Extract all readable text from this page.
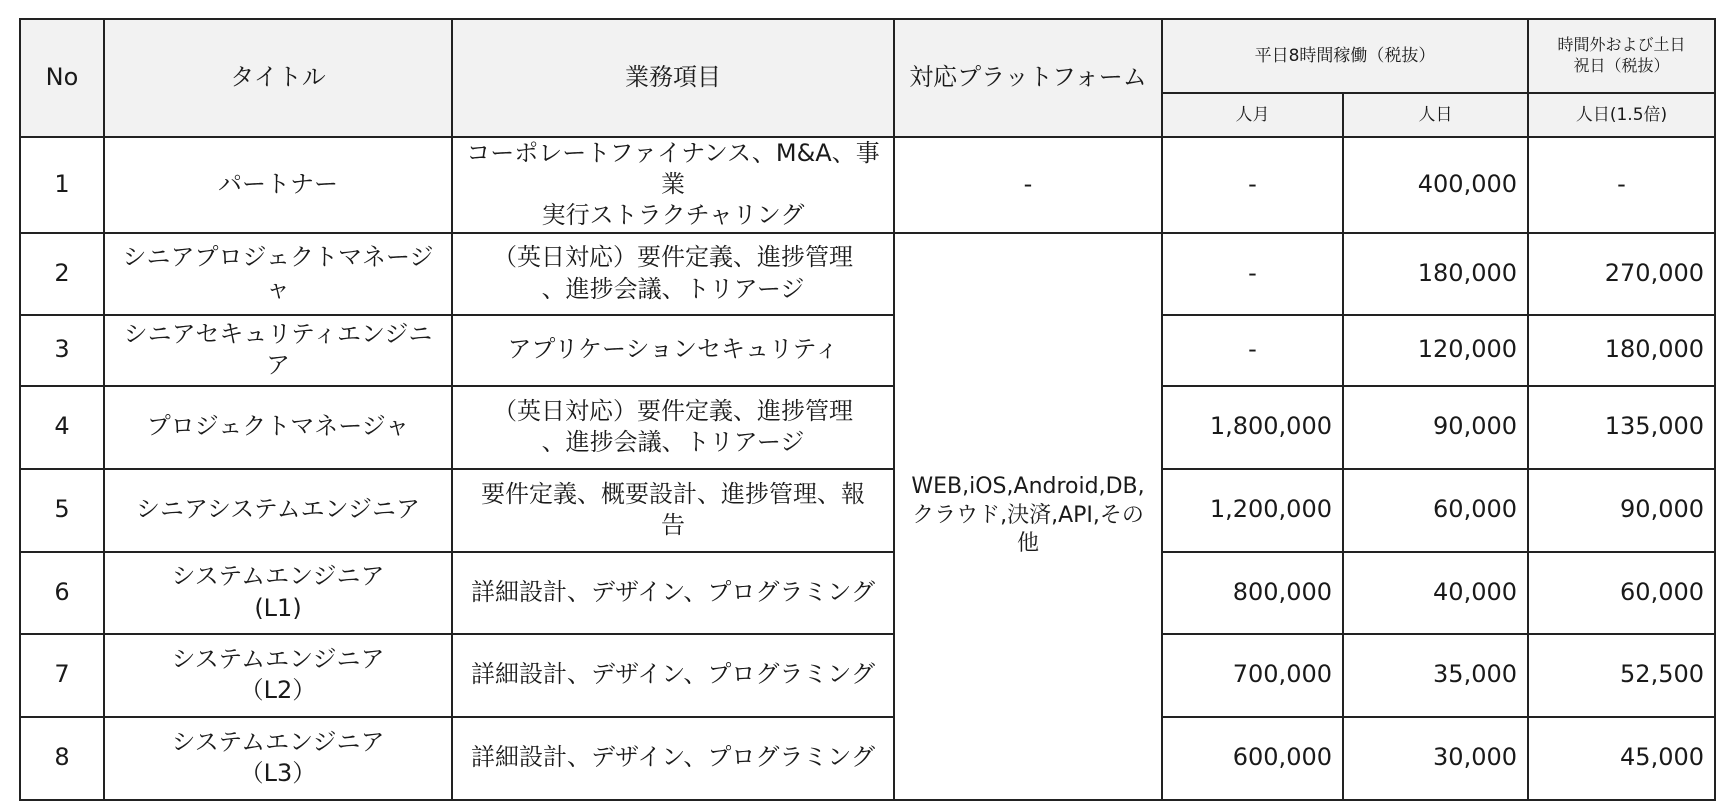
No	タイトル	業務項目	対応プラットフォーム	平日8時間稼働（税抜）		時間外および土日
祝日（税抜）
				人月	人日	人日(1.5倍)
1	パートナー	コーポレートファイナンス、M&A、事業
実行ストラクチャリング	-	-	400,000	-
2	シニアプロジェクトマネージャ	（英日対応）要件定義、進捗管理
、進捗会議、トリアージ	WEB,iOS,Android,DB,クラウド,決済,API,その他	-	180,000	270,000
3	シニアセキュリティエンジニア	アプリケーションセキュリティ		-	120,000	180,000
4	プロジェクトマネージャ	（英日対応）要件定義、進捗管理
、進捗会議、トリアージ		1,800,000	90,000	135,000
5	シニアシステムエンジニア	要件定義、概要設計、進捗管理、報
告		1,200,000	60,000	90,000
6	システムエンジニア
(L1)	詳細設計、デザイン、プログラミング		800,000	40,000	60,000
7	システムエンジニア
（L2）	詳細設計、デザイン、プログラミング		700,000	35,000	52,500
8	システムエンジニア
（L3）	詳細設計、デザイン、プログラミング		600,000	30,000	45,000
